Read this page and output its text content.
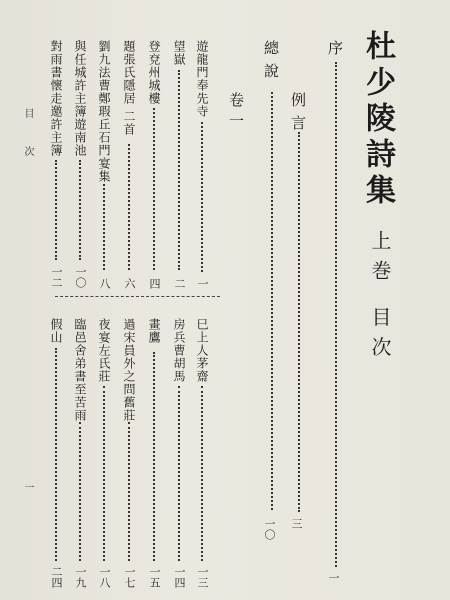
杜少陵詩集
上巻 目次
序
一
例言
三
總說
一〇
卷一
遊龍門奉先寺
一
望嶽
二
登兗州城樓
四
題張氏隱居 二首
六
劉九法曹鄭瑕丘石門宴集
八
與任城許主簿遊南池
一〇
對雨書懷走邀許主簿
一二
巳上人茅齋
一三
房兵曹胡馬
一四
畫鷹
一五
過宋員外之問舊莊
一七
夜宴左氏莊
一八
臨邑舍弟書至苦雨
一九
假山
二四
目次
一
